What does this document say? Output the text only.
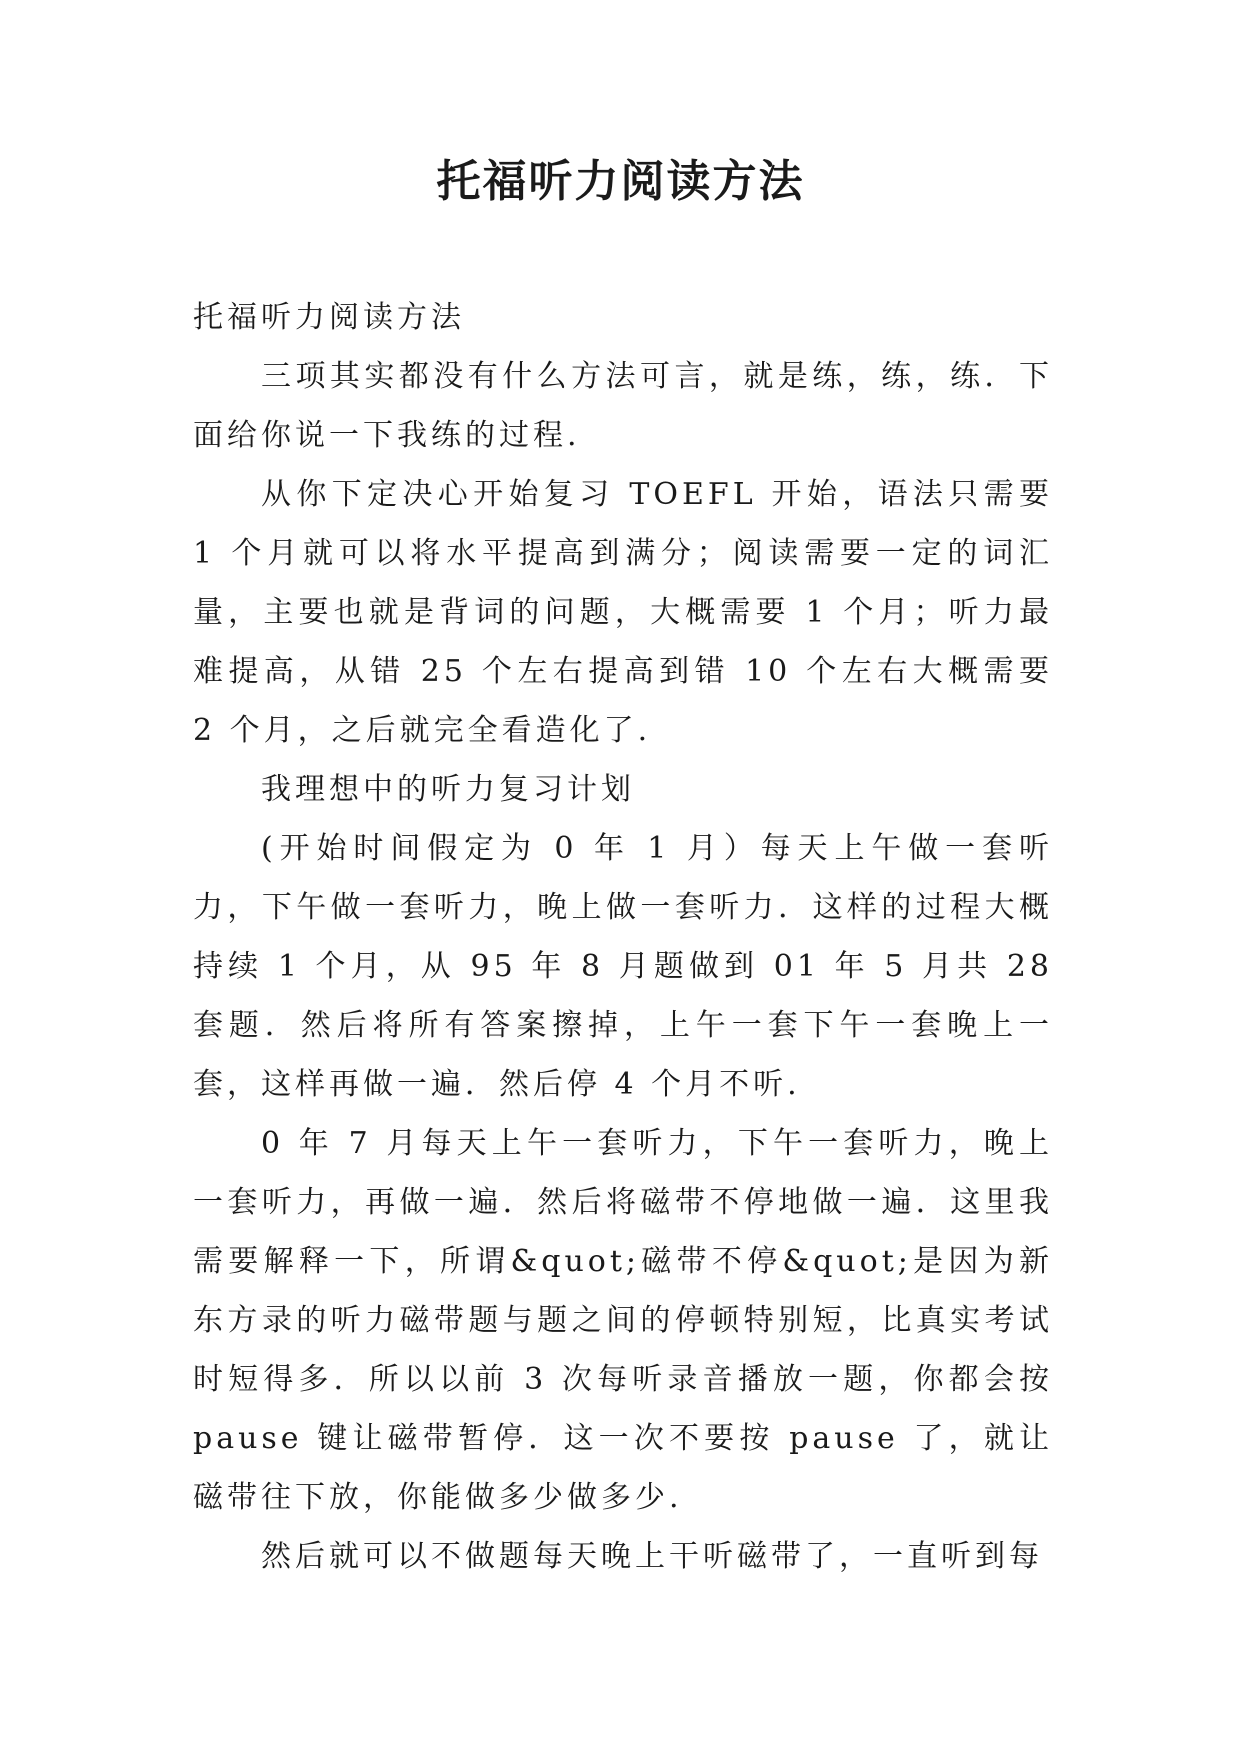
托福听力阅读方法

托福听力阅读方法

三项其实都没有什么方法可言，就是练，练，练．下面给你说一下我练的过程.

从你下定决心开始复习 TOEFL 开始，语法只需要 1 个月就可以将水平提高到满分；阅读需要一定的词汇量，主要也就是背词的问题，大概需要 1 个月；听力最难提高，从错 25 个左右提高到错 10 个左右大概需要 2 个月，之后就完全看造化了.

我理想中的听力复习计划

(开始时间假定为 0 年 1 月）每天上午做一套听力，下午做一套听力，晚上做一套听力．这样的过程大概持续 1 个月，从 95 年 8 月题做到 01 年 5 月共 28 套题．然后将所有答案擦掉，上午一套下午一套晚上一套，这样再做一遍．然后停 4 个月不听.

0 年 7 月每天上午一套听力，下午一套听力，晚上一套听力，再做一遍．然后将磁带不停地做一遍．这里我需要解释一下，所谓&quot;磁带不停&quot;是因为新东方录的听力磁带题与题之间的停顿特别短，比真实考试时短得多．所以以前 3 次每听录音播放一题，你都会按 pause 键让磁带暂停．这一次不要按 pause 了，就让磁带往下放，你能做多少做多少.

然后就可以不做题每天晚上干听磁带了，一直听到每
